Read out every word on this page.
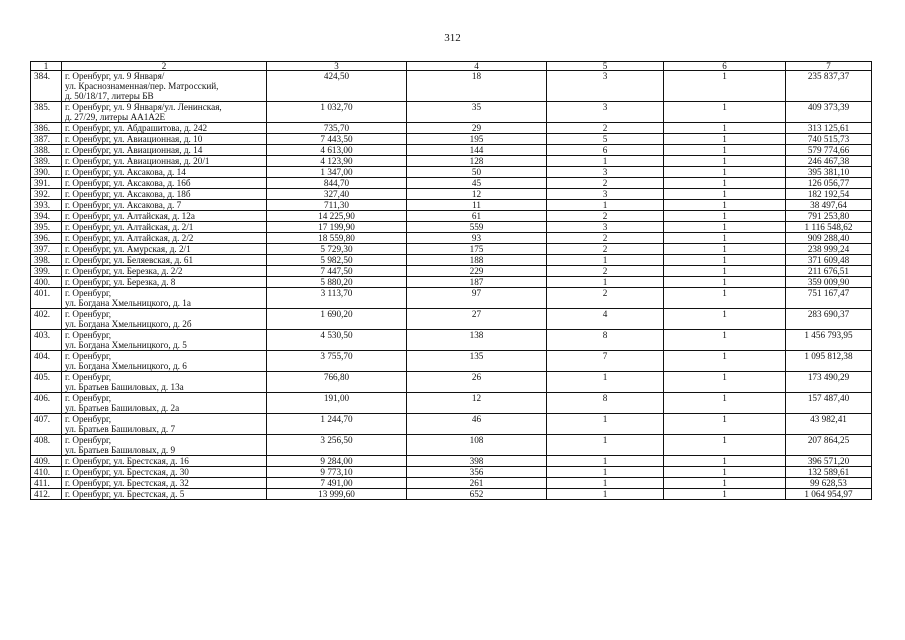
312
1	2	3	4	5	6	7
384.	г. Оренбург, ул. 9 Января/
ул. Краснознаменная/пер. Матросский,
д. 50/18/17, литеры БВ	424,50	18	3	1	235 837,37
385.	г. Оренбург, ул. 9 Января/ул. Ленинская,
д. 27/29, литеры АА1А2Е	1 032,70	35	3	1	409 373,39
386.	г. Оренбург, ул. Абдрашитова, д. 242	735,70	29	2	1	313 125,61
387.	г. Оренбург, ул. Авиационная, д. 10	7 443,50	195	5	1	740 515,73
388.	г. Оренбург, ул. Авиационная, д. 14	4 613,00	144	6	1	579 774,66
389.	г. Оренбург, ул. Авиационная, д. 20/1	4 123,90	128	1	1	246 467,38
390.	г. Оренбург, ул. Аксакова, д. 14	1 347,00	50	3	1	395 381,10
391.	г. Оренбург, ул. Аксакова, д. 16б	844,70	45	2	1	126 056,77
392.	г. Оренбург, ул. Аксакова, д. 18б	327,40	12	3	1	182 192,54
393.	г. Оренбург, ул. Аксакова, д. 7	711,30	11	1	1	38 497,64
394.	г. Оренбург, ул. Алтайская, д. 12а	14 225,90	61	2	1	791 253,80
395.	г. Оренбург, ул. Алтайская, д. 2/1	17 199,90	559	3	1	1 116 548,62
396.	г. Оренбург, ул. Алтайская, д. 2/2	18 559,80	93	2	1	909 288,40
397.	г. Оренбург, ул. Амурская, д. 2/1	5 729,30	175	2	1	238 999,24
398.	г. Оренбург, ул. Беляевская, д. 61	5 982,50	188	1	1	371 609,48
399.	г. Оренбург, ул. Березка, д. 2/2	7 447,50	229	2	1	211 676,51
400.	г. Оренбург, ул. Березка, д. 8	5 880,20	187	1	1	359 009,90
401.	г. Оренбург,
ул. Богдана Хмельницкого, д. 1а	3 113,70	97	2	1	751 167,47
402.	г. Оренбург,
ул. Богдана Хмельницкого, д. 2б	1 690,20	27	4	1	283 690,37
403.	г. Оренбург,
ул. Богдана Хмельницкого, д. 5	4 530,50	138	8	1	1 456 793,95
404.	г. Оренбург,
ул. Богдана Хмельницкого, д. 6	3 755,70	135	7	1	1 095 812,38
405.	г. Оренбург,
ул. Братьев Башиловых, д. 13а	766,80	26	1	1	173 490,29
406.	г. Оренбург,
ул. Братьев Башиловых, д. 2а	191,00	12	8	1	157 487,40
407.	г. Оренбург,
ул. Братьев Башиловых, д. 7	1 244,70	46	1	1	43 982,41
408.	г. Оренбург,
ул. Братьев Башиловых, д. 9	3 256,50	108	1	1	207 864,25
409.	г. Оренбург, ул. Брестская, д. 16	9 284,00	398	1	1	396 571,20
410.	г. Оренбург, ул. Брестская, д. 30	9 773,10	356	1	1	132 589,61
411.	г. Оренбург, ул. Брестская, д. 32	7 491,00	261	1	1	99 628,53
412.	г. Оренбург, ул. Брестская, д. 5	13 999,60	652	1	1	1 064 954,97
